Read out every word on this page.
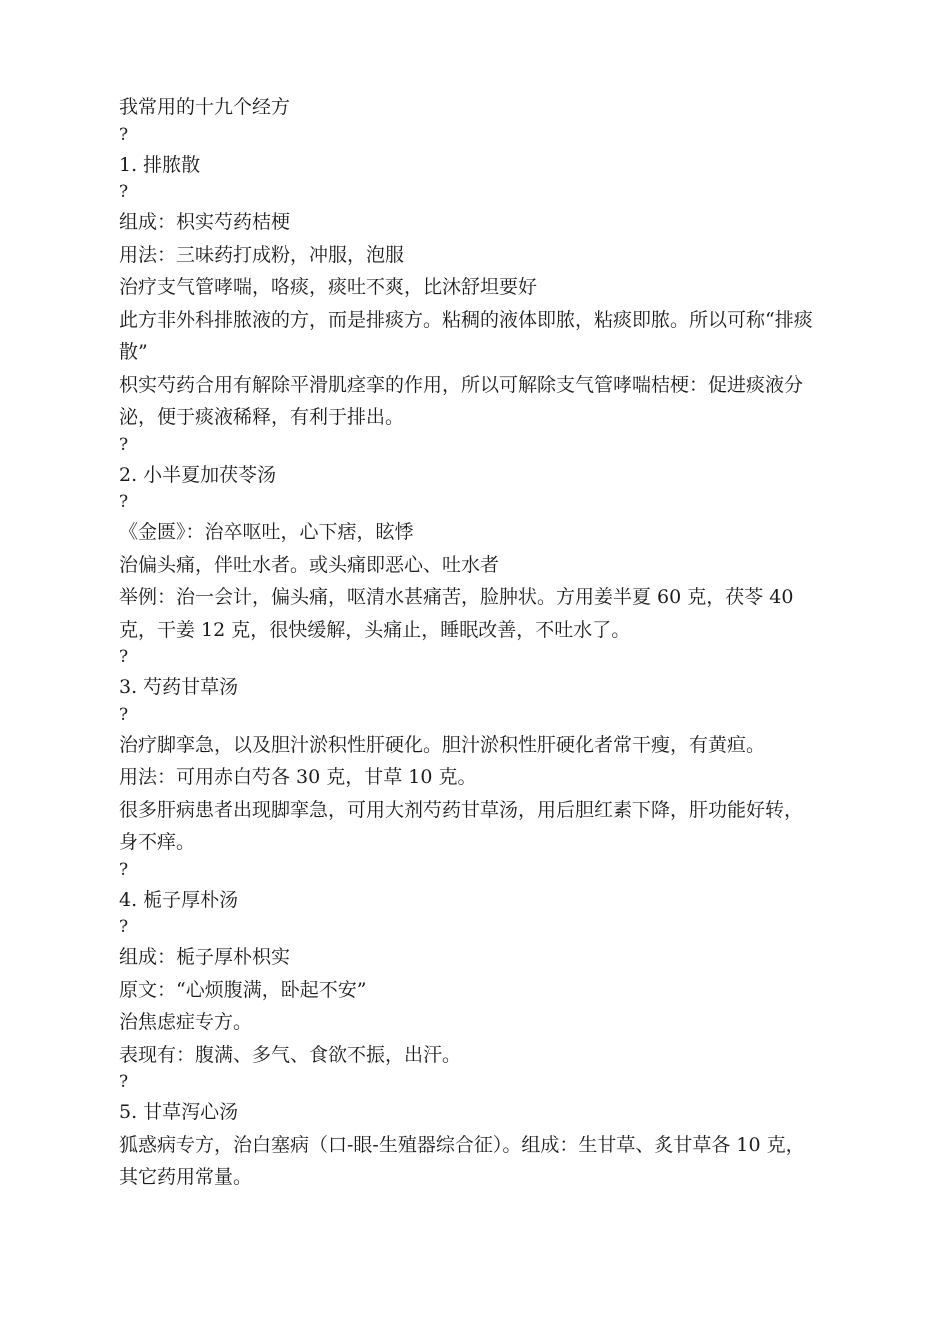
我常用的十九个经方
?
1. 排脓散
?
组成：枳实芍药桔梗
用法：三味药打成粉，冲服，泡服
治疗支气管哮喘，咯痰，痰吐不爽，比沐舒坦要好
此方非外科排脓液的方，而是排痰方。粘稠的液体即脓，粘痰即脓。所以可称“排痰散”
枳实芍药合用有解除平滑肌痉挛的作用，所以可解除支气管哮喘桔梗：促进痰液分泌，便于痰液稀释，有利于排出。
?
2. 小半夏加茯苓汤
?
《金匮》：治卒呕吐，心下痞，眩悸
治偏头痛，伴吐水者。或头痛即恶心、吐水者
举例：治一会计，偏头痛，呕清水甚痛苦，脸肿状。方用姜半夏 60 克，茯苓 40 克，干姜 12 克，很快缓解，头痛止，睡眠改善，不吐水了。
?
3. 芍药甘草汤
?
治疗脚挛急，以及胆汁淤积性肝硬化。胆汁淤积性肝硬化者常干瘦，有黄疸。
用法：可用赤白芍各 30 克，甘草 10 克。
很多肝病患者出现脚挛急，可用大剂芍药甘草汤，用后胆红素下降，肝功能好转，身不痒。
?
4. 栀子厚朴汤
?
组成：栀子厚朴枳实
原文：“心烦腹满，卧起不安”
治焦虑症专方。
表现有：腹满、多气、食欲不振，出汗。
?
5. 甘草泻心汤
狐惑病专方，治白塞病（口-眼-生殖器综合征）。组成：生甘草、炙甘草各 10 克，其它药用常量。
